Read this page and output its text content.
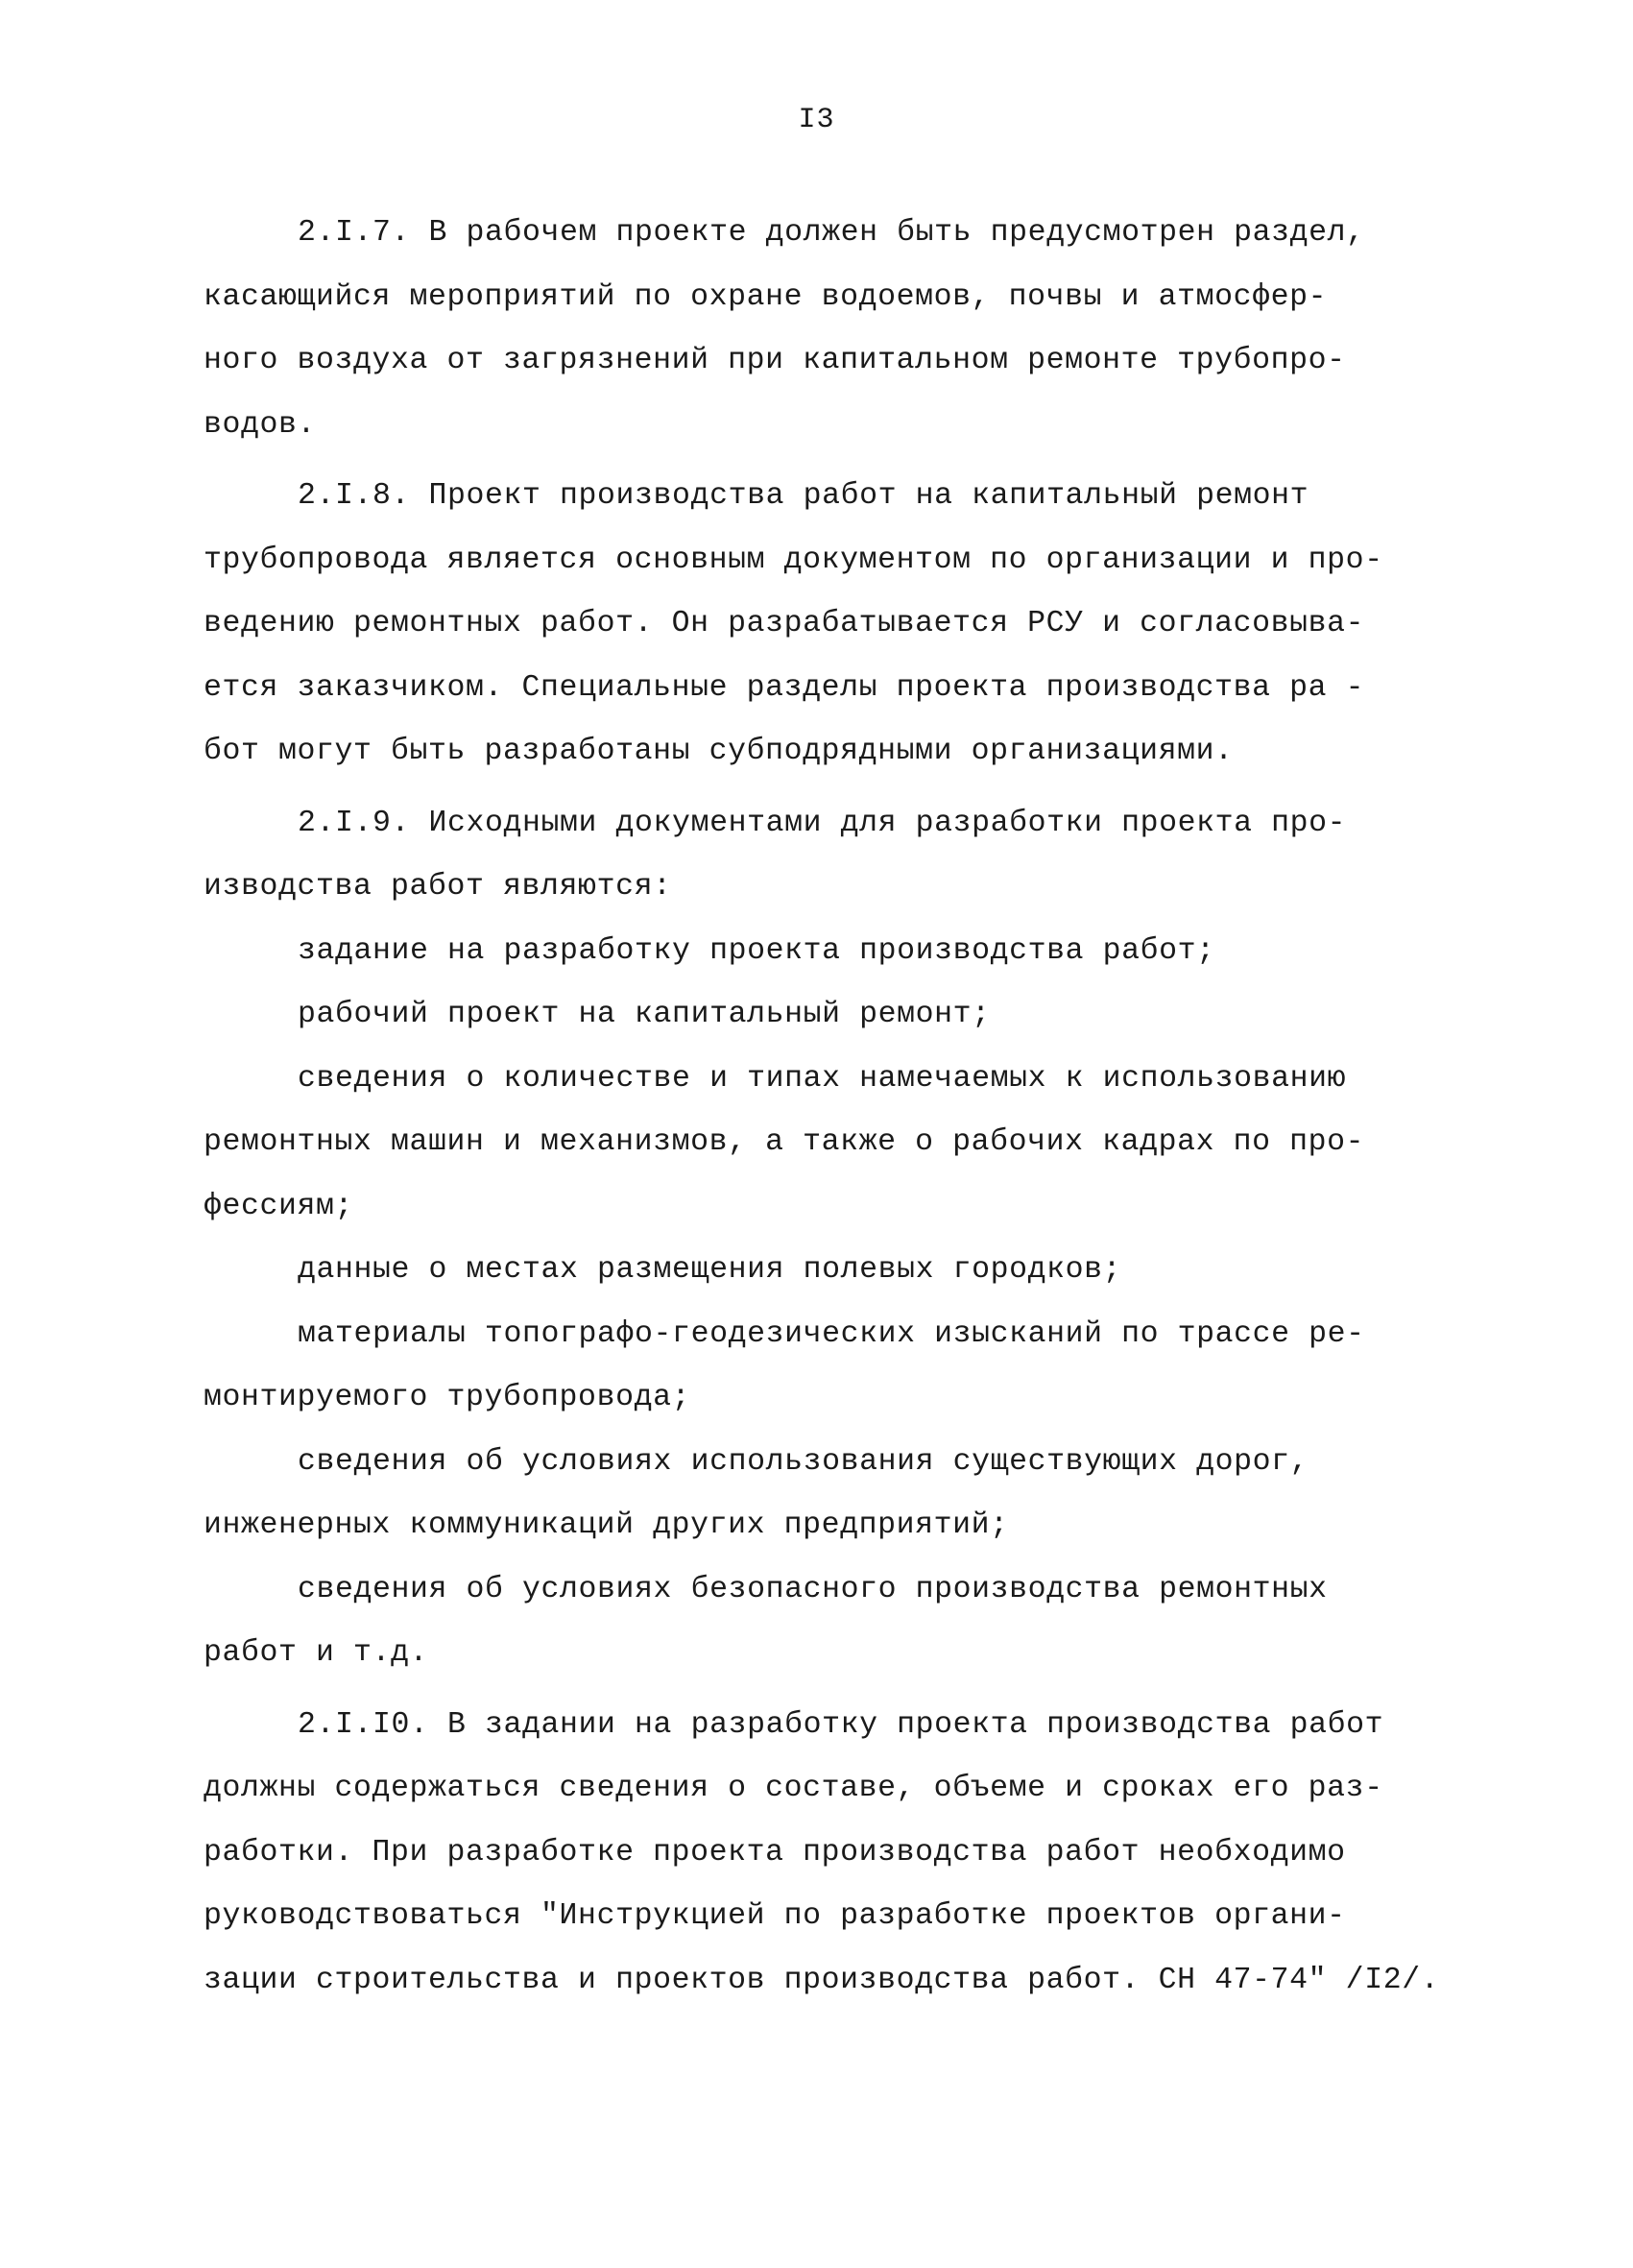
I3
2.I.7. В рабочем проекте должен быть предусмотрен раздел,
касающийся мероприятий по охране водоемов, почвы и атмосфер-
ного воздуха от загрязнений при капитальном ремонте трубопро-
водов.
2.I.8. Проект производства работ на капитальный ремонт
трубопровода является основным документом по организации и про-
ведению ремонтных работ. Он разрабатывается РСУ и согласовыва-
ется заказчиком. Специальные разделы проекта производства ра -
бот могут быть разработаны субподрядными организациями.
2.I.9. Исходными документами для разработки проекта про-
изводства работ являются:
задание на разработку проекта производства работ;
рабочий проект на капитальный ремонт;
сведения о количестве и типах намечаемых к использованию
ремонтных машин и механизмов, а также о рабочих кадрах по про-
фессиям;
данные о местах размещения полевых городков;
материалы топографо-геодезических изысканий по трассе ре-
монтируемого трубопровода;
сведения об условиях использования существующих дорог,
инженерных коммуникаций других предприятий;
сведения об условиях безопасного производства ремонтных
работ и т.д.
2.I.I0. В задании на разработку проекта производства работ
должны содержаться сведения о составе, объеме и сроках его раз-
работки. При разработке проекта производства работ необходимо
руководствоваться "Инструкцией по разработке проектов органи-
зации строительства и проектов производства работ. СН 47-74" /I2/.
